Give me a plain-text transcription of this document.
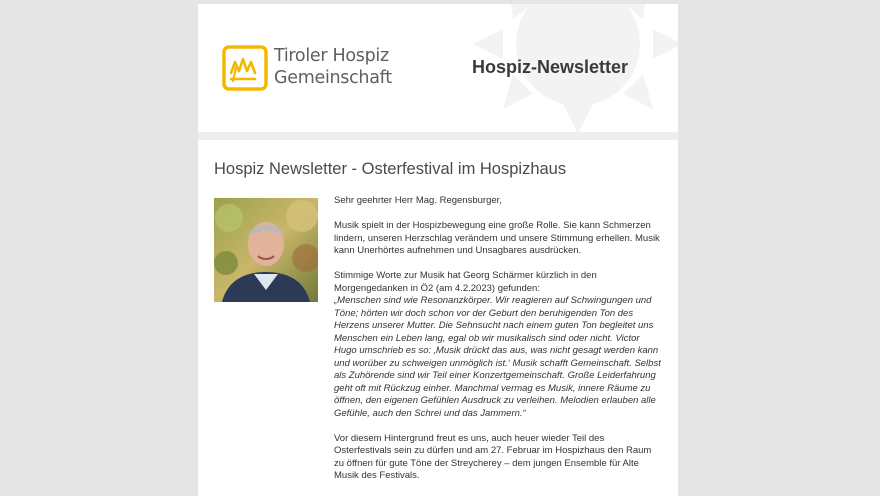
Tiroler Hospiz
Gemeinschaft
Hospiz-Newsletter
Hospiz Newsletter - Osterfestival im Hospizhaus

Sehr geehrter Herr Mag. Regensburger,

Musik spielt in der Hospizbewegung eine große Rolle. Sie kann Schmerzen lindern, unseren Herzschlag verändern und unsere Stimmung erhellen. Musik kann Unerhörtes aufnehmen und Unsagbares ausdrücken.

Stimmige Worte zur Musik hat Georg Schärmer kürzlich in den Morgengedanken in Ö2 (am 4.2.2023) gefunden:
„Menschen sind wie Resonanzkörper. Wir reagieren auf Schwingungen und Töne; hörten wir doch schon vor der Geburt den beruhigenden Ton des Herzens unserer Mutter. Die Sehnsucht nach einem guten Ton begleitet uns Menschen ein Leben lang, egal ob wir musikalisch sind oder nicht. Victor Hugo umschrieb es so: ‚Musik drückt das aus, was nicht gesagt werden kann und worüber zu schweigen unmöglich ist.‘ Musik schafft Gemeinschaft. Selbst als Zuhörende sind wir Teil einer Konzertgemeinschaft. Große Leiderfahrung geht oft mit Rückzug einher. Manchmal vermag es Musik, innere Räume zu öffnen, den eigenen Gefühlen Ausdruck zu verleihen. Melodien erlauben alle Gefühle, auch den Schrei und das Jammern.“

Vor diesem Hintergrund freut es uns, auch heuer wieder Teil des Osterfestivals sein zu dürfen und am 27. Februar im Hospizhaus den Raum zu öffnen für gute Töne der Streycherey – dem jungen Ensemble für Alte Musik des Festivals.
